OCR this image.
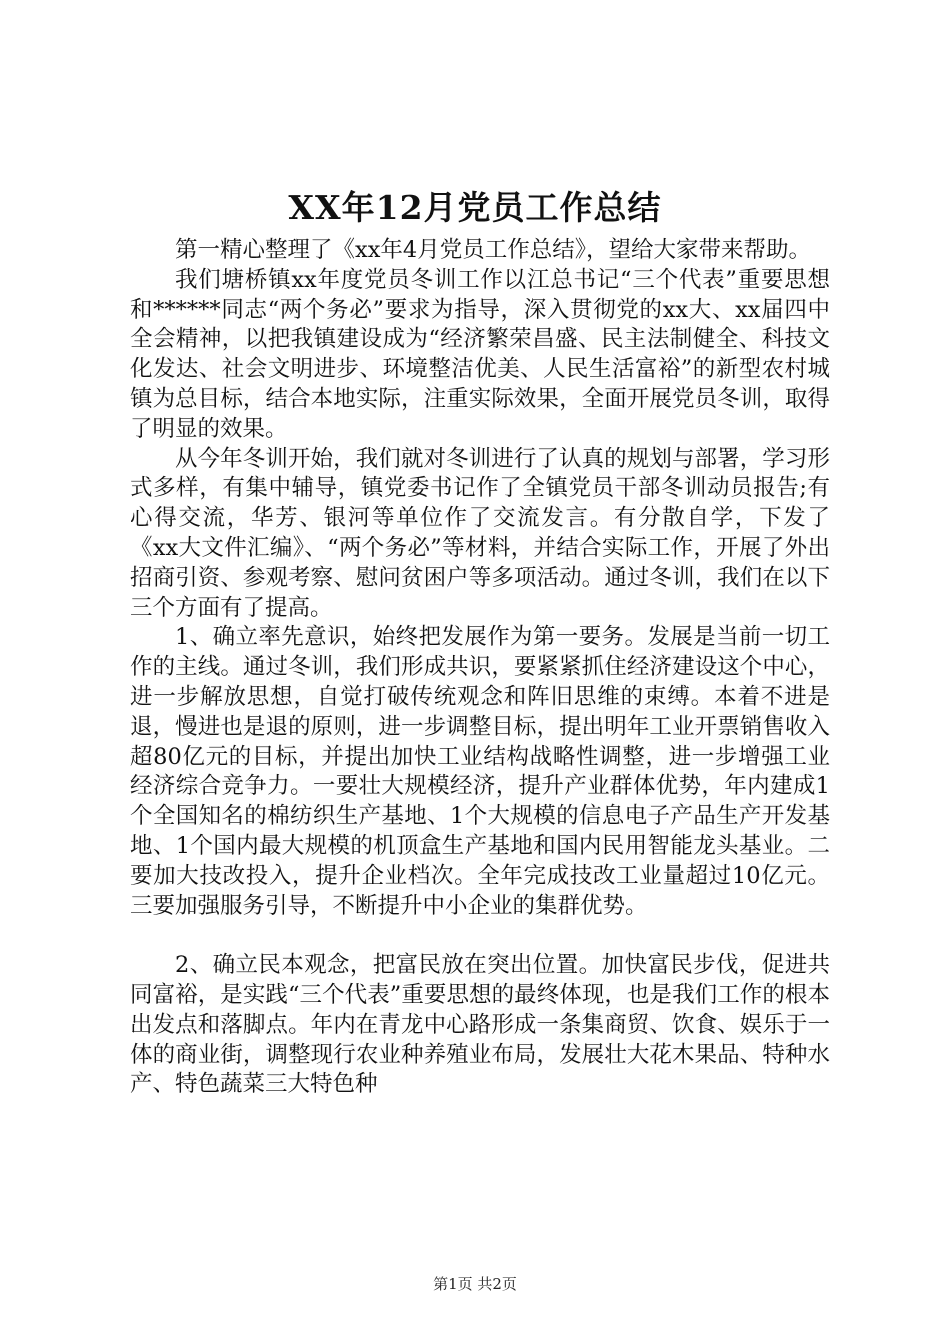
XX年12月党员工作总结

第一精心整理了《xx年4月党员工作总结》，望给大家带来帮助。

我们塘桥镇xx年度党员冬训工作以江总书记“三个代表”重要思想和******同志“两个务必”要求为指导，深入贯彻党的xx大、xx届四中全会精神，以把我镇建设成为“经济繁荣昌盛、民主法制健全、科技文化发达、社会文明进步、环境整洁优美、人民生活富裕”的新型农村城镇为总目标，结合本地实际，注重实际效果，全面开展党员冬训，取得了明显的效果。

从今年冬训开始，我们就对冬训进行了认真的规划与部署，学习形式多样，有集中辅导，镇党委书记作了全镇党员干部冬训动员报告;有心得交流，华芳、银河等单位作了交流发言。有分散自学，下发了《xx大文件汇编》、“两个务必”等材料，并结合实际工作，开展了外出招商引资、参观考察、慰问贫困户等多项活动。通过冬训，我们在以下三个方面有了提高。

1、确立率先意识，始终把发展作为第一要务。发展是当前一切工作的主线。通过冬训，我们形成共识，要紧紧抓住经济建设这个中心，进一步解放思想，自觉打破传统观念和阵旧思维的束缚。本着不进是退，慢进也是退的原则，进一步调整目标，提出明年工业开票销售收入超80亿元的目标，并提出加快工业结构战略性调整，进一步增强工业经济综合竞争力。一要壮大规模经济，提升产业群体优势，年内建成1个全国知名的棉纺织生产基地、1个大规模的信息电子产品生产开发基地、1个国内最大规模的机顶盒生产基地和国内民用智能龙头基业。二要加大技改投入，提升企业档次。全年完成技改工业量超过10亿元。三要加强服务引导，不断提升中小企业的集群优势。

2、确立民本观念，把富民放在突出位置。加快富民步伐，促进共同富裕，是实践“三个代表”重要思想的最终体现，也是我们工作的根本出发点和落脚点。年内在青龙中心路形成一条集商贸、饮食、娱乐于一体的商业街，调整现行农业种养殖业布局，发展壮大花木果品、特种水产、特色蔬菜三大特色种

第1页 共2页
